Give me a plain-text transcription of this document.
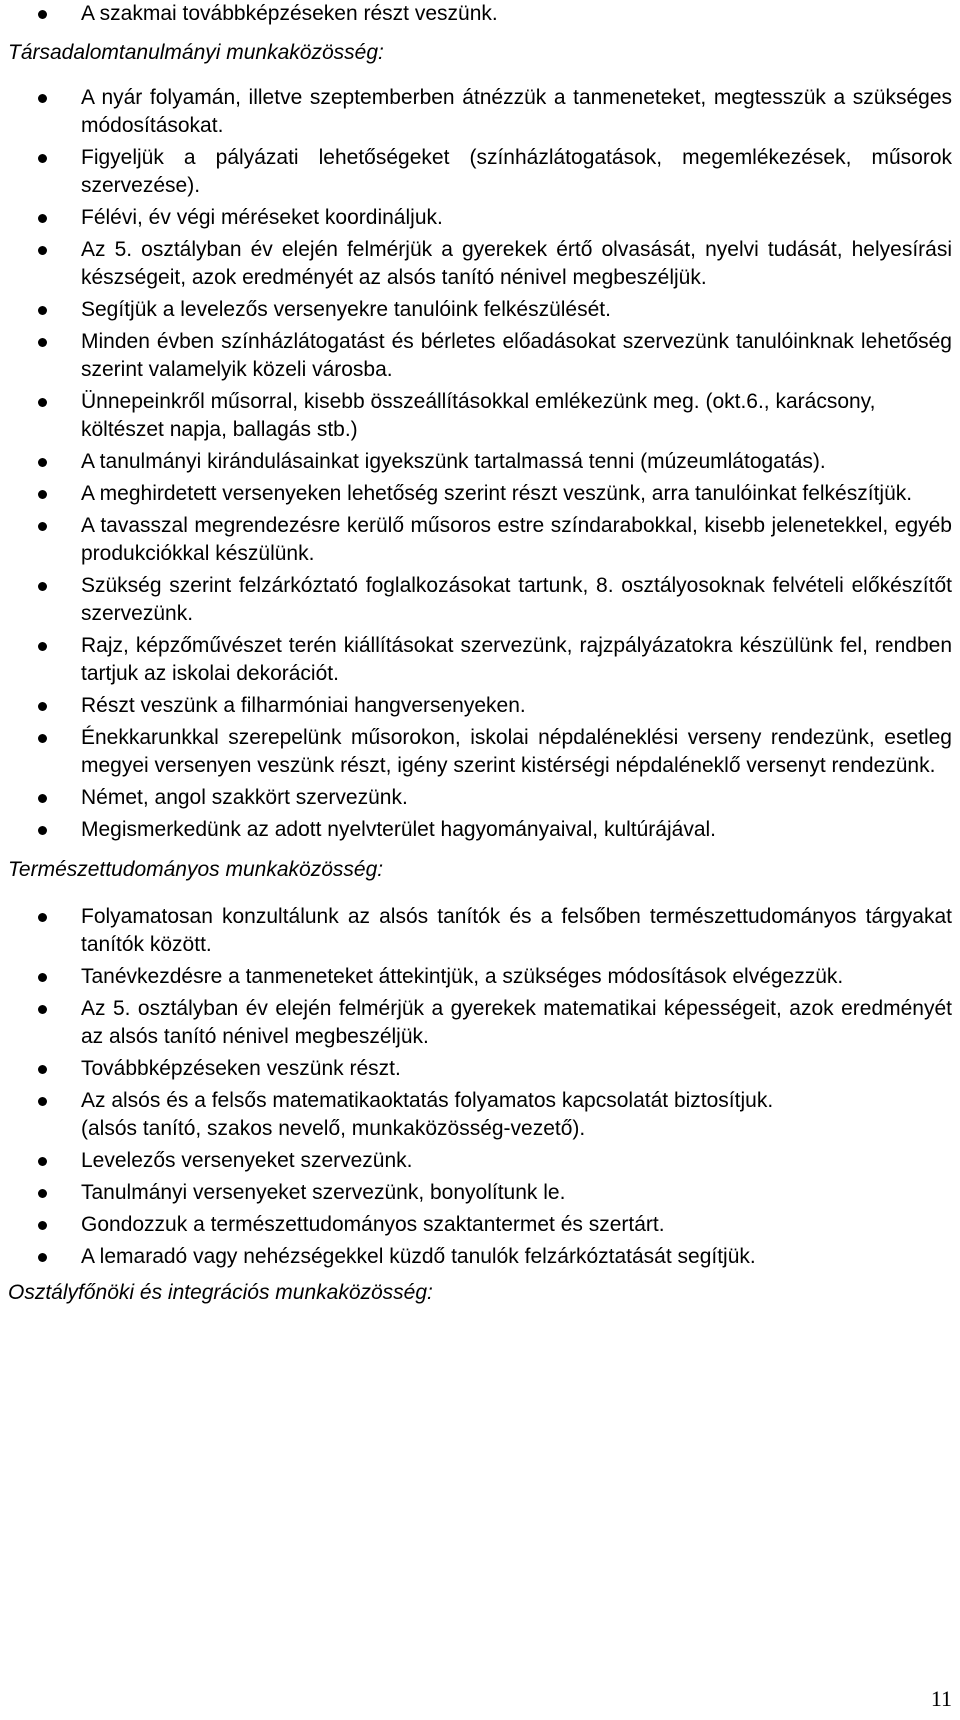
A szakmai továbbképzéseken részt veszünk.

Társadalomtanulmányi munkaközösség:

A nyár folyamán, illetve szeptemberben átnézzük a tanmeneteket, megtesszük a szükséges módosításokat.
Figyeljük a pályázati lehetőségeket (színházlátogatások, megemlékezések, műsorok szervezése).
Félévi, év végi méréseket koordináljuk.
Az 5. osztályban év elején felmérjük a gyerekek értő olvasását, nyelvi tudását, helyesírási készségeit, azok eredményét az alsós tanító nénivel megbeszéljük.
Segítjük a levelezős versenyekre tanulóink felkészülését.
Minden évben színházlátogatást és bérletes előadásokat szervezünk tanulóinknak lehetőség szerint valamelyik közeli városba.
Ünnepeinkről műsorral, kisebb összeállításokkal emlékezünk meg. (okt.6., karácsony, költészet napja, ballagás stb.)
A tanulmányi kirándulásainkat igyekszünk tartalmassá tenni (múzeumlátogatás).
A meghirdetett versenyeken lehetőség szerint részt veszünk, arra tanulóinkat felkészítjük.
A tavasszal megrendezésre kerülő műsoros estre színdarabokkal, kisebb jelenetekkel, egyéb produkciókkal készülünk.
Szükség szerint felzárkóztató foglalkozásokat tartunk, 8. osztályosoknak felvételi előkészítőt szervezünk.
Rajz, képzőművészet terén kiállításokat szervezünk, rajzpályázatokra készülünk fel, rendben tartjuk az iskolai dekorációt.
Részt veszünk a filharmóniai hangversenyeken.
Énekkarunkkal szerepelünk műsorokon, iskolai népdaléneklési verseny rendezünk, esetleg megyei versenyen veszünk részt, igény szerint kistérségi népdaléneklő versenyt rendezünk.
Német, angol szakkört szervezünk.
Megismerkedünk az adott nyelvterület hagyományaival, kultúrájával.

Természettudományos munkaközösség:

Folyamatosan konzultálunk az alsós tanítók és a felsőben természettudományos tárgyakat tanítók között.
Tanévkezdésre a tanmeneteket áttekintjük, a szükséges módosítások elvégezzük.
Az 5. osztályban év elején felmérjük a gyerekek matematikai képességeit, azok eredményét az alsós tanító nénivel megbeszéljük.
Továbbképzéseken veszünk részt.
Az alsós és a felsős matematikaoktatás folyamatos kapcsolatát biztosítjuk.
(alsós tanító, szakos nevelő, munkaközösség-vezető).
Levelezős versenyeket szervezünk.
Tanulmányi versenyeket szervezünk, bonyolítunk le.
Gondozzuk a természettudományos szaktantermet és szertárt.
A lemaradó vagy nehézségekkel küzdő tanulók felzárkóztatását segítjük.

Osztályfőnöki és integrációs munkaközösség:

11
